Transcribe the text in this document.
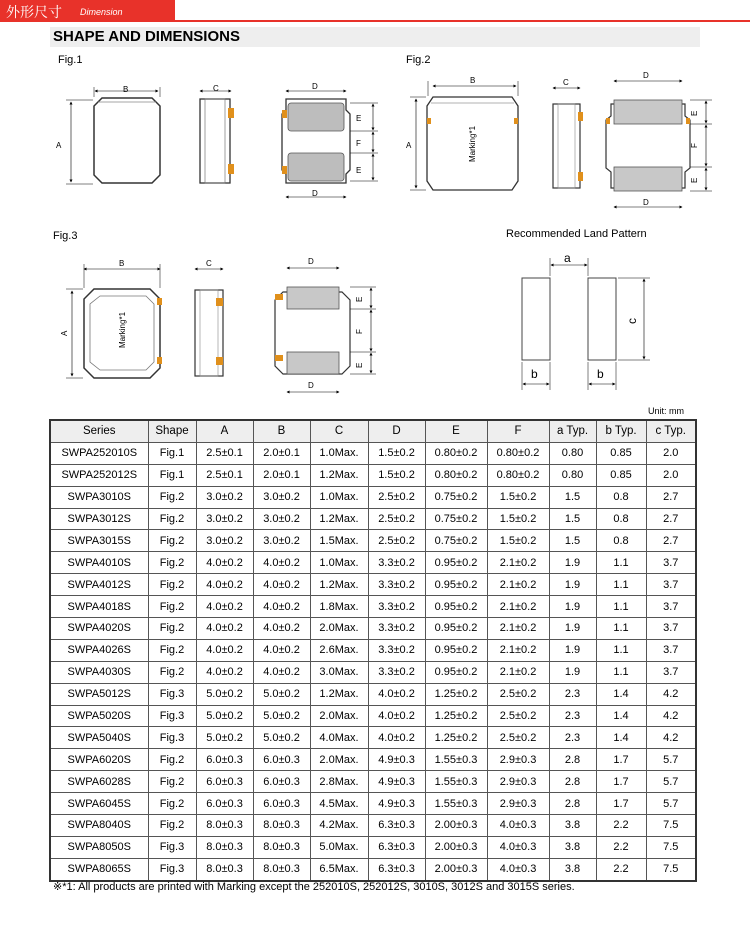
外形尺寸 Dimension
SHAPE AND DIMENSIONS
Fig.1	Fig.2
Fig.3	Recommended Land Pattern
B
A
C	D
D
E
F
E
Marking*1
B
A
C
D
D
E
F
E
Marking*1
B
A
C	D
D
E
F
E
a
c
b	b
Unit: mm
Series	Shape	A	B	C	D	E	F	a Typ.	b Typ.	c Typ.
SWPA252010S	Fig.1	2.5±0.1	2.0±0.1	1.0Max.	1.5±0.2	0.80±0.2	0.80±0.2	0.80	0.85	2.0
SWPA252012S	Fig.1	2.5±0.1	2.0±0.1	1.2Max.	1.5±0.2	0.80±0.2	0.80±0.2	0.80	0.85	2.0
SWPA3010S	Fig.2	3.0±0.2	3.0±0.2	1.0Max.	2.5±0.2	0.75±0.2	1.5±0.2	1.5	0.8	2.7
SWPA3012S	Fig.2	3.0±0.2	3.0±0.2	1.2Max.	2.5±0.2	0.75±0.2	1.5±0.2	1.5	0.8	2.7
SWPA3015S	Fig.2	3.0±0.2	3.0±0.2	1.5Max.	2.5±0.2	0.75±0.2	1.5±0.2	1.5	0.8	2.7
SWPA4010S	Fig.2	4.0±0.2	4.0±0.2	1.0Max.	3.3±0.2	0.95±0.2	2.1±0.2	1.9	1.1	3.7
SWPA4012S	Fig.2	4.0±0.2	4.0±0.2	1.2Max.	3.3±0.2	0.95±0.2	2.1±0.2	1.9	1.1	3.7
SWPA4018S	Fig.2	4.0±0.2	4.0±0.2	1.8Max.	3.3±0.2	0.95±0.2	2.1±0.2	1.9	1.1	3.7
SWPA4020S	Fig.2	4.0±0.2	4.0±0.2	2.0Max.	3.3±0.2	0.95±0.2	2.1±0.2	1.9	1.1	3.7
SWPA4026S	Fig.2	4.0±0.2	4.0±0.2	2.6Max.	3.3±0.2	0.95±0.2	2.1±0.2	1.9	1.1	3.7
SWPA4030S	Fig.2	4.0±0.2	4.0±0.2	3.0Max.	3.3±0.2	0.95±0.2	2.1±0.2	1.9	1.1	3.7
SWPA5012S	Fig.3	5.0±0.2	5.0±0.2	1.2Max.	4.0±0.2	1.25±0.2	2.5±0.2	2.3	1.4	4.2
SWPA5020S	Fig.3	5.0±0.2	5.0±0.2	2.0Max.	4.0±0.2	1.25±0.2	2.5±0.2	2.3	1.4	4.2
SWPA5040S	Fig.3	5.0±0.2	5.0±0.2	4.0Max.	4.0±0.2	1.25±0.2	2.5±0.2	2.3	1.4	4.2
SWPA6020S	Fig.2	6.0±0.3	6.0±0.3	2.0Max.	4.9±0.3	1.55±0.3	2.9±0.3	2.8	1.7	5.7
SWPA6028S	Fig.2	6.0±0.3	6.0±0.3	2.8Max.	4.9±0.3	1.55±0.3	2.9±0.3	2.8	1.7	5.7
SWPA6045S	Fig.2	6.0±0.3	6.0±0.3	4.5Max.	4.9±0.3	1.55±0.3	2.9±0.3	2.8	1.7	5.7
SWPA8040S	Fig.2	8.0±0.3	8.0±0.3	4.2Max.	6.3±0.3	2.00±0.3	4.0±0.3	3.8	2.2	7.5
SWPA8050S	Fig.3	8.0±0.3	8.0±0.3	5.0Max.	6.3±0.3	2.00±0.3	4.0±0.3	3.8	2.2	7.5
SWPA8065S	Fig.3	8.0±0.3	8.0±0.3	6.5Max.	6.3±0.3	2.00±0.3	4.0±0.3	3.8	2.2	7.5
※*1: All products are printed with Marking except the 252010S, 252012S, 3010S, 3012S and 3015S series.
